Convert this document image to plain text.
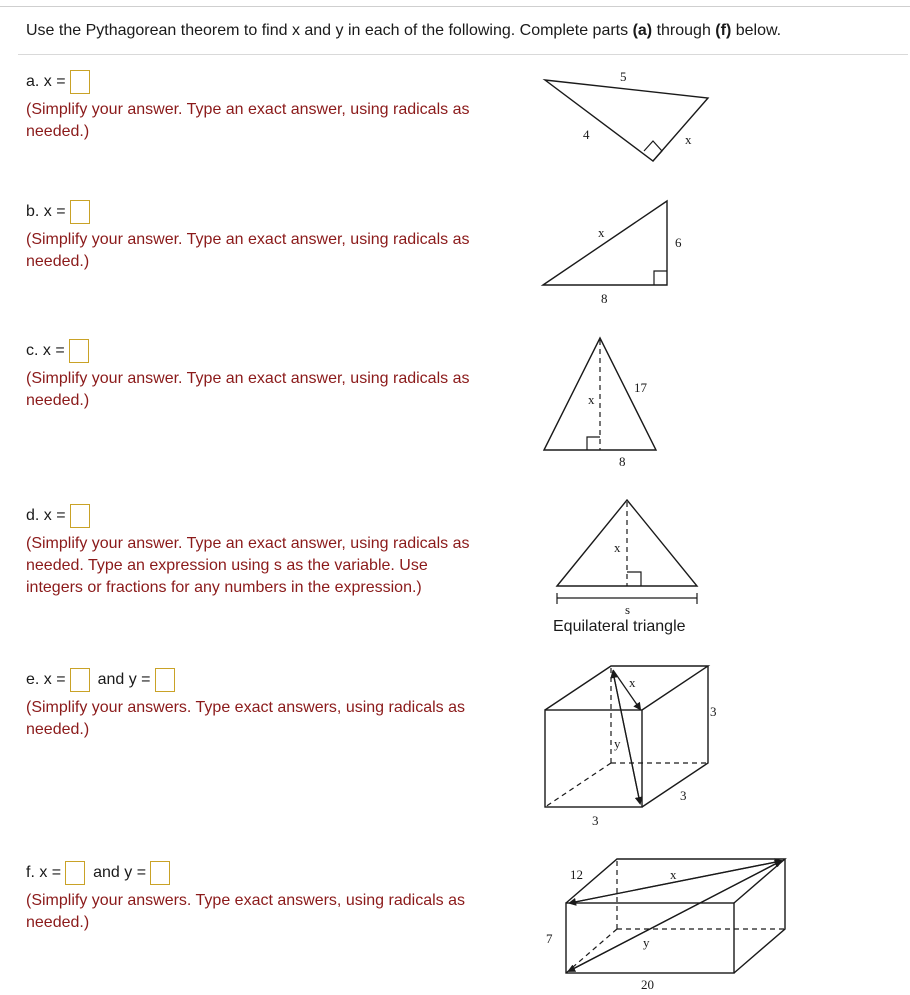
Use the Pythagorean theorem to find x and y in each of the following. Complete parts (a) through (f) below.
a. x =
(Simplify your answer. Type an exact answer, using radicals as
needed.)
5
4	x
b. x =
(Simplify your answer. Type an exact answer, using radicals as
needed.)
x
6
8
c. x =
(Simplify your answer. Type an exact answer, using radicals as
needed.)
17
x
8
d. x =
(Simplify your answer. Type an exact answer, using radicals as
needed. Type an expression using s as the variable. Use
integers or fractions for any numbers in the expression.)
x
s
Equilateral triangle
e. x = and y =
(Simplify your answers. Type exact answers, using radicals as
needed.)
x
y
3
3
3
f. x = and y =
(Simplify your answers. Type exact answers, using radicals as
needed.)
x
y
12
7
20
